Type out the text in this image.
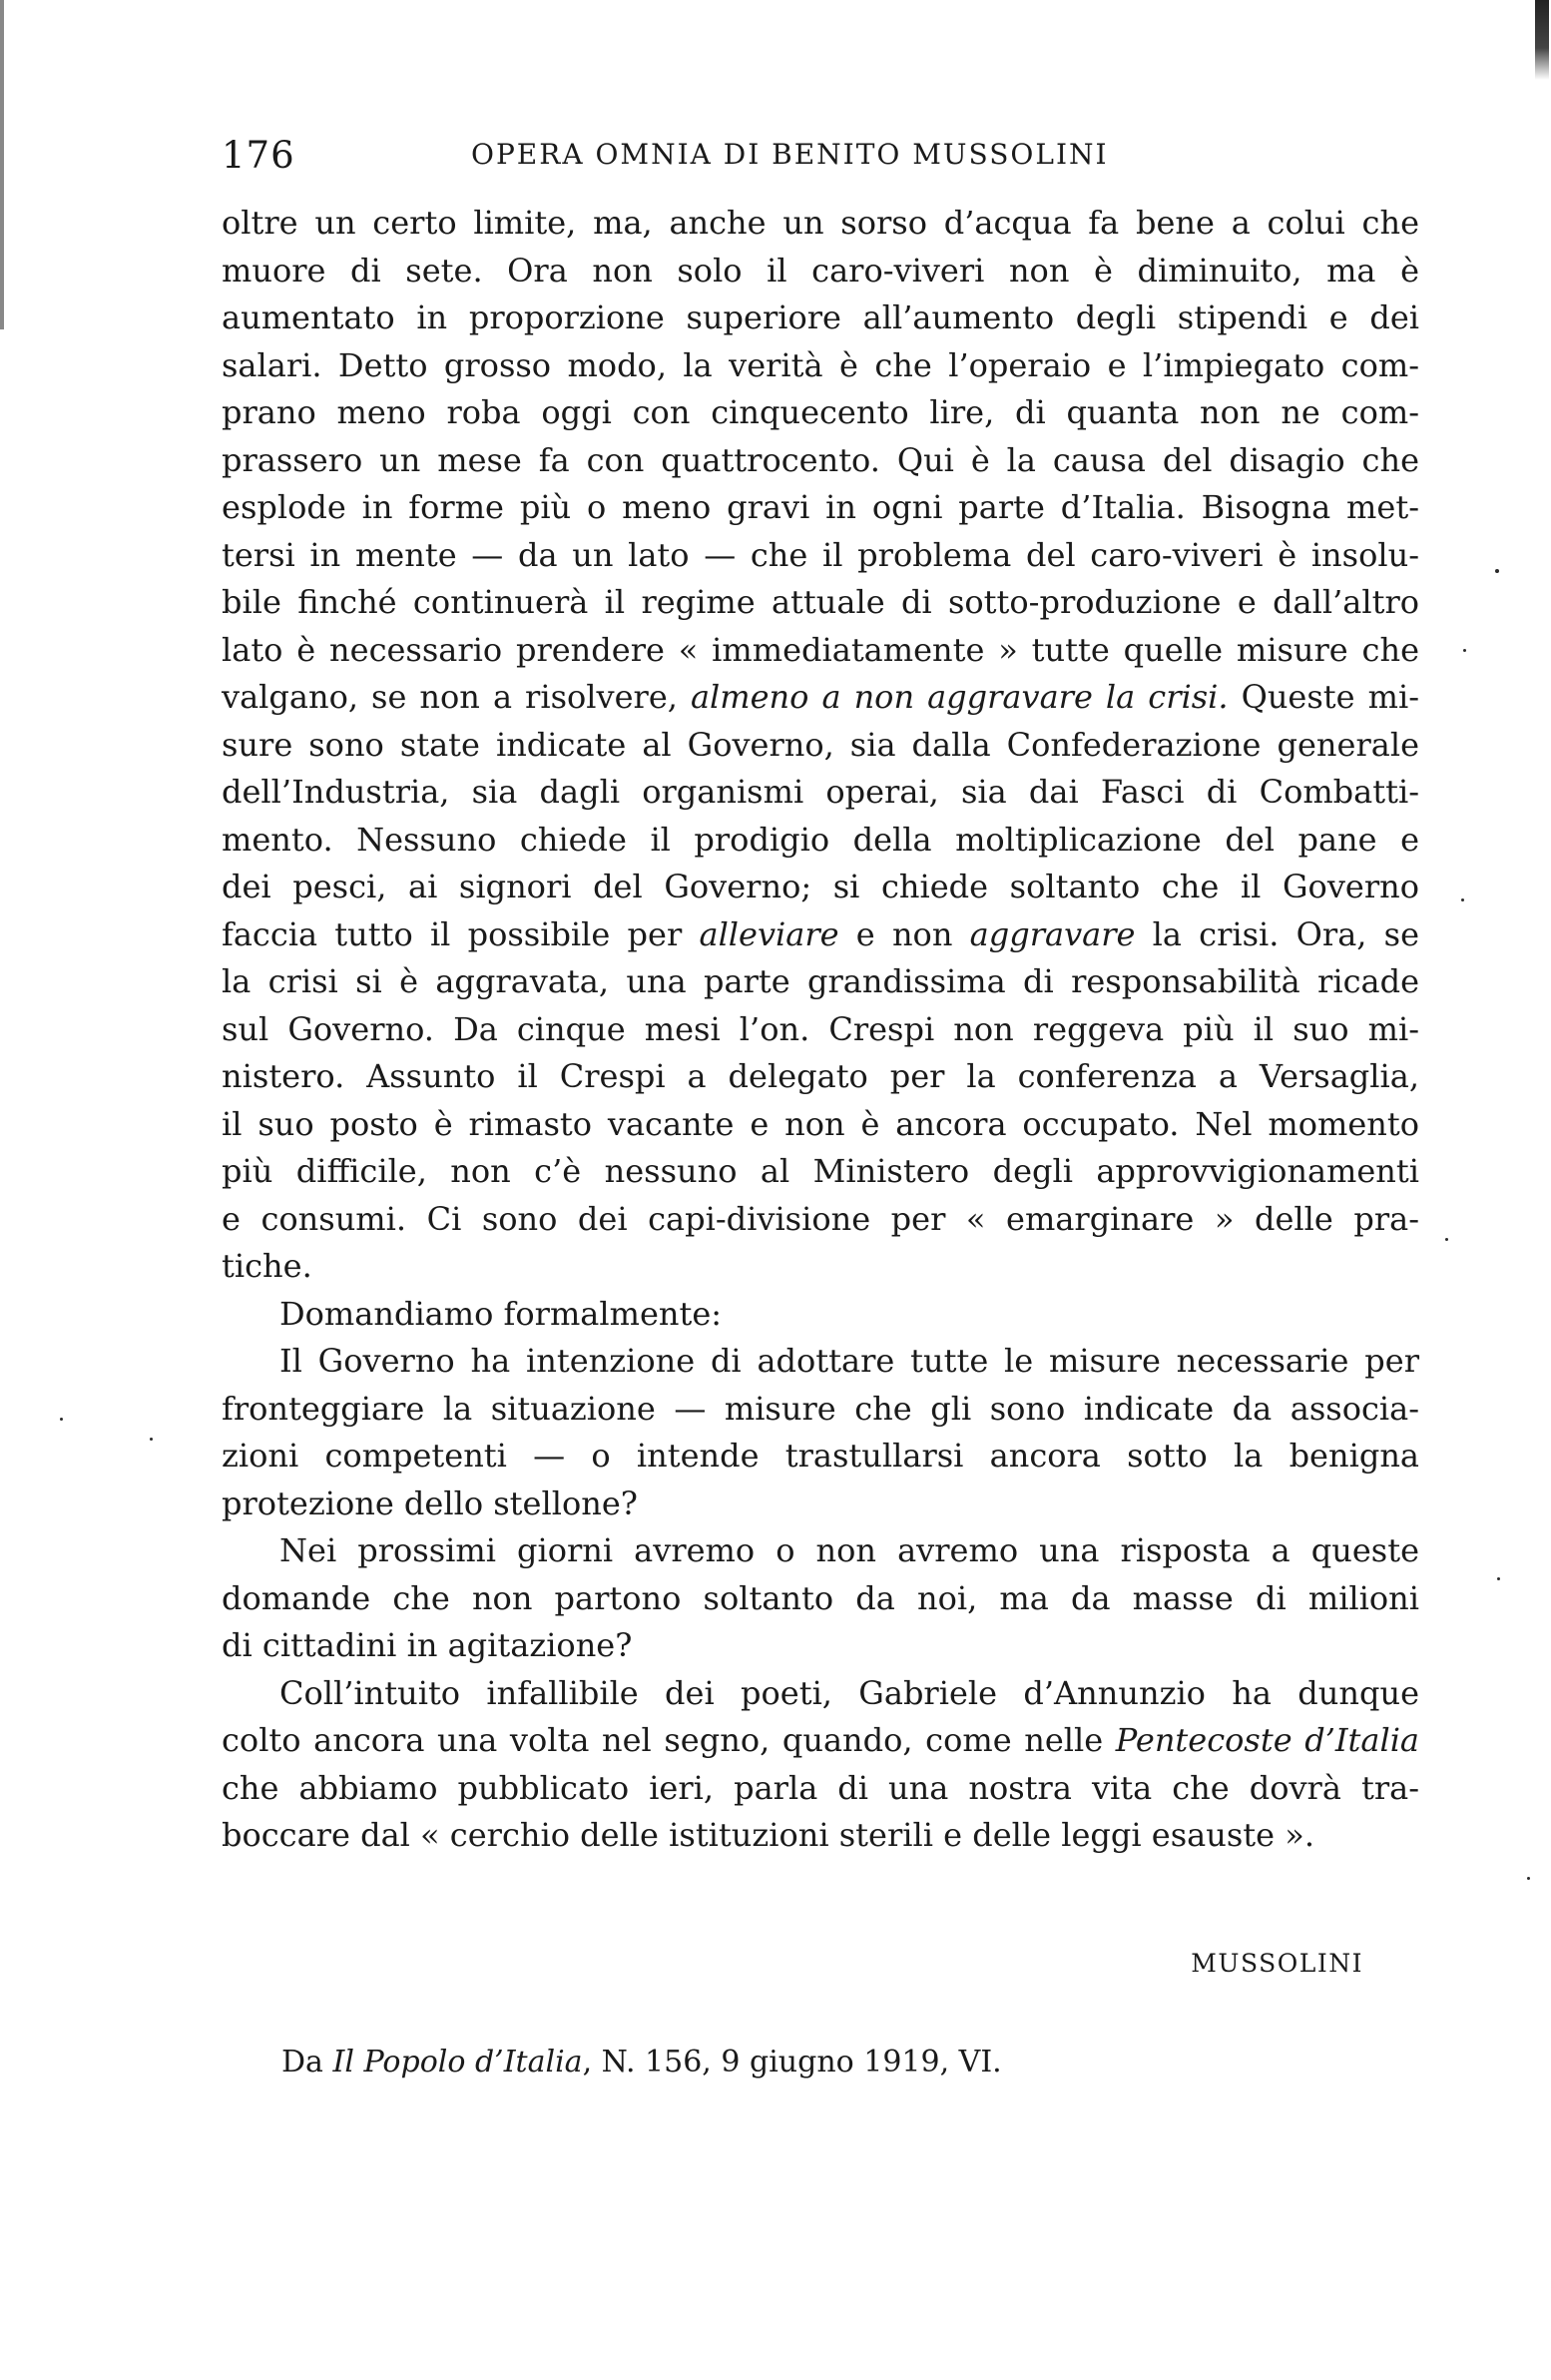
176	OPERA OMNIA DI BENITO MUSSOLINI
oltre un certo limite, ma, anche un sorso d’acqua fa bene a colui che
muore di sete. Ora non solo il caro-viveri non è diminuito, ma è
aumentato in proporzione superiore all’aumento degli stipendi e dei
salari. Detto grosso modo, la verità è che l’operaio e l’impiegato com-
prano meno roba oggi con cinquecento lire, di quanta non ne com-
prassero un mese fa con quattrocento. Qui è la causa del disagio che
esplode in forme più o meno gravi in ogni parte d’Italia. Bisogna met-
tersi in mente — da un lato — che il problema del caro-viveri è insolu-
bile finché continuerà il regime attuale di sotto-produzione e dall’altro
lato è necessario prendere « immediatamente » tutte quelle misure che
valgano, se non a risolvere, almeno a non aggravare la crisi. Queste mi-
sure sono state indicate al Governo, sia dalla Confederazione generale
dell’Industria, sia dagli organismi operai, sia dai Fasci di Combatti-
mento. Nessuno chiede il prodigio della moltiplicazione del pane e
dei pesci, ai signori del Governo; si chiede soltanto che il Governo
faccia tutto il possibile per alleviare e non aggravare la crisi. Ora, se
la crisi si è aggravata, una parte grandissima di responsabilità ricade
sul Governo. Da cinque mesi l’on. Crespi non reggeva più il suo mi-
nistero. Assunto il Crespi a delegato per la conferenza a Versaglia,
il suo posto è rimasto vacante e non è ancora occupato. Nel momento
più difficile, non c’è nessuno al Ministero degli approvvigionamenti
e consumi. Ci sono dei capi-divisione per « emarginare » delle pra-
tiche.
Domandiamo formalmente:
Il Governo ha intenzione di adottare tutte le misure necessarie per
fronteggiare la situazione — misure che gli sono indicate da associa-
zioni competenti — o intende trastullarsi ancora sotto la benigna
protezione dello stellone?
Nei prossimi giorni avremo o non avremo una risposta a queste
domande che non partono soltanto da noi, ma da masse di milioni
di cittadini in agitazione?
Coll’intuito infallibile dei poeti, Gabriele d’Annunzio ha dunque
colto ancora una volta nel segno, quando, come nelle Pentecoste d’Italia
che abbiamo pubblicato ieri, parla di una nostra vita che dovrà tra-
boccare dal « cerchio delle istituzioni sterili e delle leggi esauste ».
MUSSOLINI
Da Il Popolo d’Italia, N. 156, 9 giugno 1919, VI.
